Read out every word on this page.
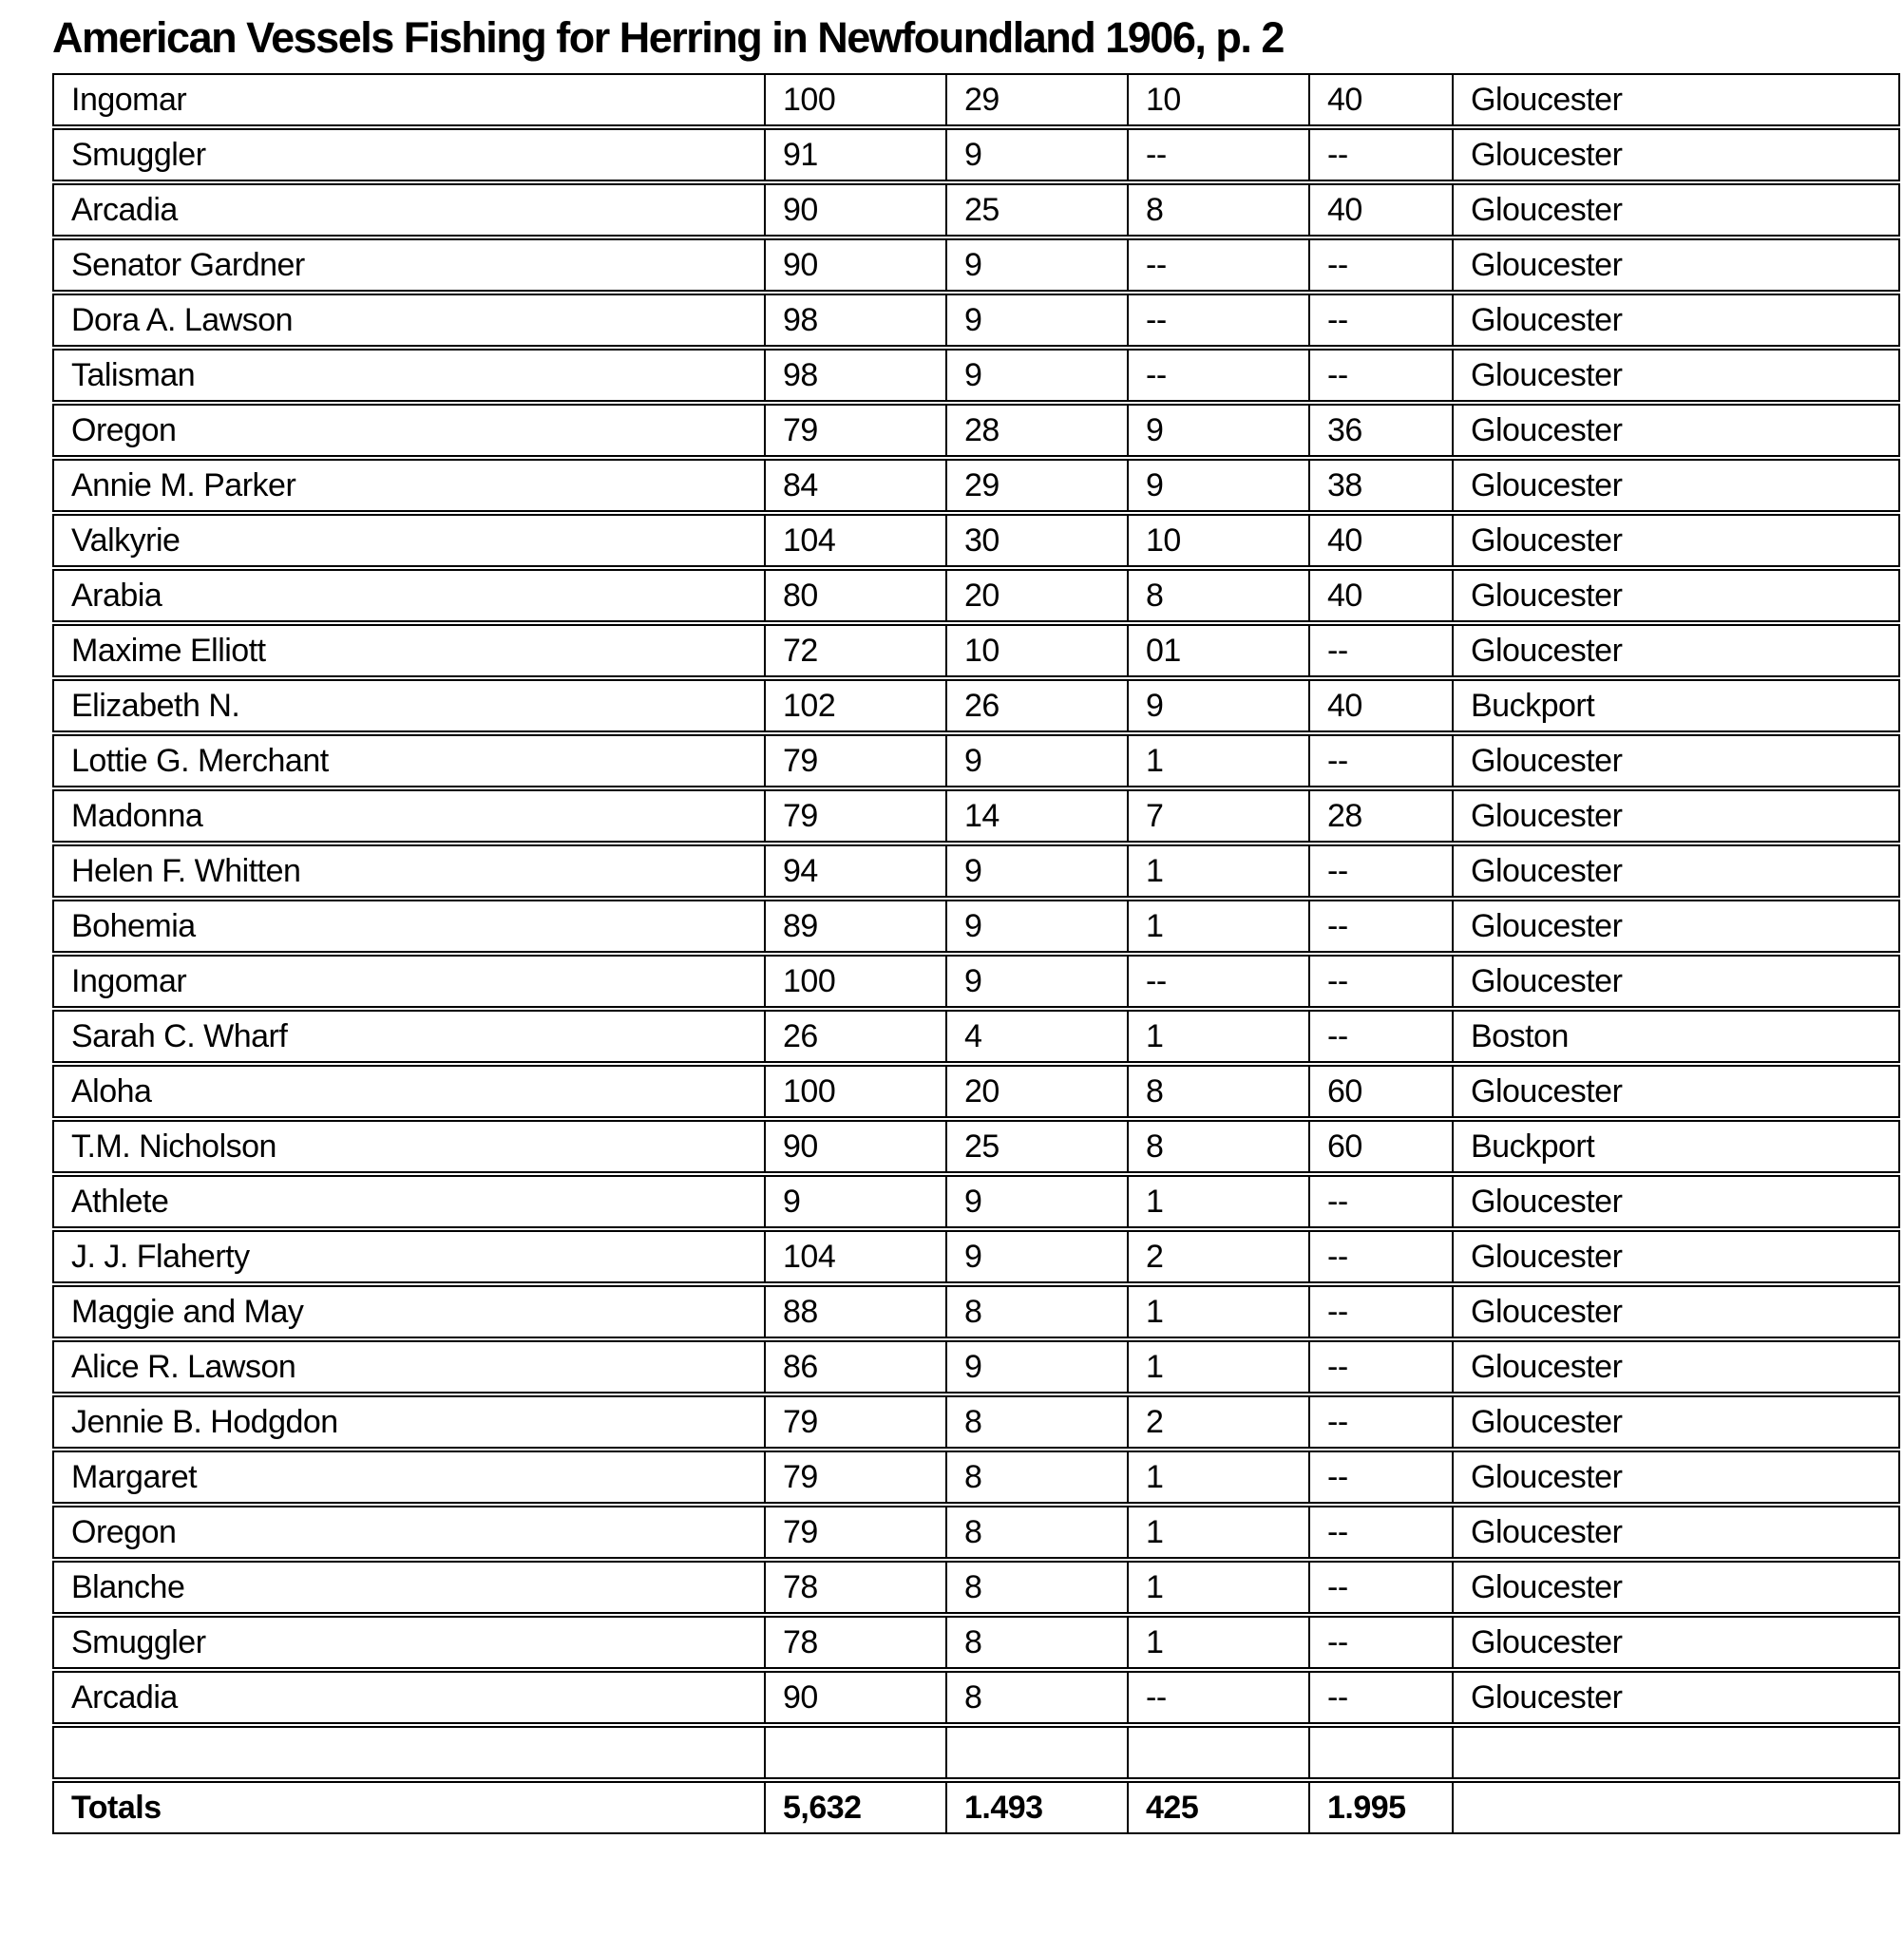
American Vessels Fishing for Herring in Newfoundland 1906, p. 2
Ingomar	100	29	10	40	Gloucester
Smuggler	91	9	--	--	Gloucester
Arcadia	90	25	8	40	Gloucester
Senator Gardner	90	9	--	--	Gloucester
Dora A. Lawson	98	9	--	--	Gloucester
Talisman	98	9	--	--	Gloucester
Oregon	79	28	9	36	Gloucester
Annie M. Parker	84	29	9	38	Gloucester
Valkyrie	104	30	10	40	Gloucester
Arabia	80	20	8	40	Gloucester
Maxime Elliott	72	10	01	--	Gloucester
Elizabeth N.	102	26	9	40	Buckport
Lottie G. Merchant	79	9	1	--	Gloucester
Madonna	79	14	7	28	Gloucester
Helen F. Whitten	94	9	1	--	Gloucester
Bohemia	89	9	1	--	Gloucester
Ingomar	100	9	--	--	Gloucester
Sarah C. Wharf	26	4	1	--	Boston
Aloha	100	20	8	60	Gloucester
T.M. Nicholson	90	25	8	60	Buckport
Athlete	9	9	1	--	Gloucester
J. J. Flaherty	104	9	2	--	Gloucester
Maggie and May	88	8	1	--	Gloucester
Alice R. Lawson	86	9	1	--	Gloucester
Jennie B. Hodgdon	79	8	2	--	Gloucester
Margaret	79	8	1	--	Gloucester
Oregon	79	8	1	--	Gloucester
Blanche	78	8	1	--	Gloucester
Smuggler	78	8	1	--	Gloucester
Arcadia	90	8	--	--	Gloucester

Totals	5,632	1.493	425	1.995	
